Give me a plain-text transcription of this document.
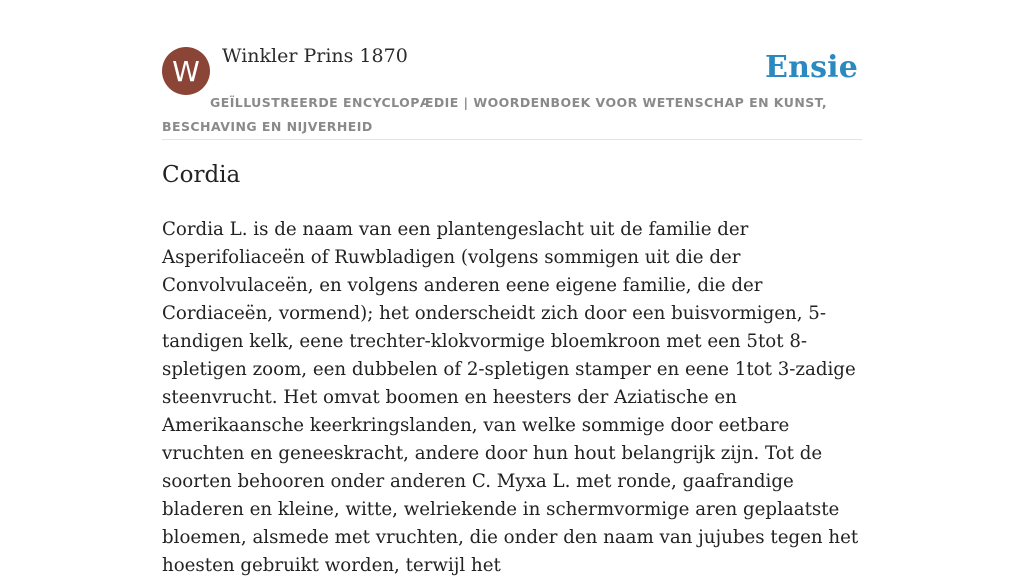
W Winkler Prins 1870	Ensie
GEÏLLUSTREERDE ENCYCLOPÆDIE | WOORDENBOEK VOOR WETENSCHAP EN KUNST, BESCHAVING EN NIJVERHEID
Cordia

Cordia L. is de naam van een plantengeslacht uit de familie der Asperifoliaceën of Ruwbladigen (volgens sommigen uit die der Convolvulaceën, en volgens anderen eene eigene familie, die der Cordiaceën, vormend); het onderscheidt zich door een buisvormigen, 5-tandigen kelk, eene trechter-klokvormige bloemkroon met een 5tot 8-spletigen zoom, een dubbelen of 2-spletigen stamper en eene 1tot 3-zadige steenvrucht. Het omvat boomen en heesters der Aziatische en Amerikaansche keerkringslanden, van welke sommige door eetbare vruchten en geneeskracht, andere door hun hout belangrijk zijn. Tot de soorten behooren onder anderen C. Myxa L. met ronde, gaafrandige bladeren en kleine, witte, welriekende in schermvormige aren geplaatste bloemen, alsmede met vruchten, die onder den naam van jujubes tegen het hoesten gebruikt worden, terwijl het
